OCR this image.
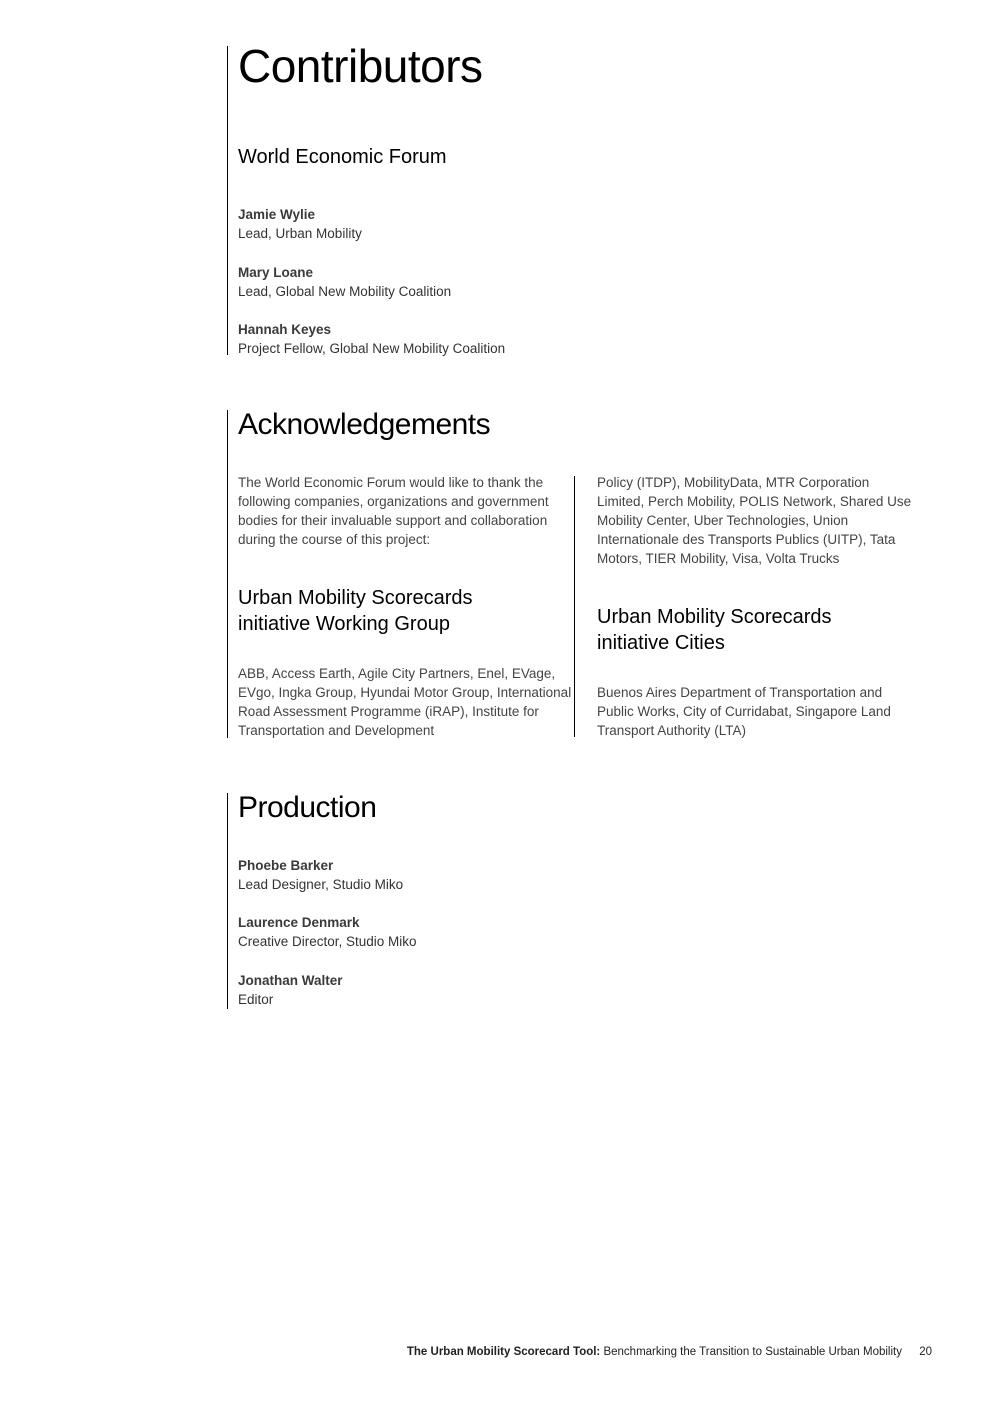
Contributors
World Economic Forum
Jamie Wylie
Lead, Urban Mobility
Mary Loane
Lead, Global New Mobility Coalition
Hannah Keyes
Project Fellow, Global New Mobility Coalition
Acknowledgements

The World Economic Forum would like to thank the following companies, organizations and government bodies for their invaluable support and collaboration during the course of this project:

Urban Mobility Scorecards initiative Working Group

ABB, Access Earth, Agile City Partners, Enel, EVage, EVgo, Ingka Group, Hyundai Motor Group, International Road Assessment Programme (iRAP), Institute for Transportation and Development

Policy (ITDP), MobilityData, MTR Corporation Limited, Perch Mobility, POLIS Network, Shared Use Mobility Center, Uber Technologies, Union Internationale des Transports Publics (UITP), Tata Motors, TIER Mobility, Visa, Volta Trucks

Urban Mobility Scorecards initiative Cities

Buenos Aires Department of Transportation and Public Works, City of Curridabat, Singapore Land Transport Authority (LTA)

Production
Phoebe Barker
Lead Designer, Studio Miko
Laurence Denmark
Creative Director, Studio Miko
Jonathan Walter
Editor
The Urban Mobility Scorecard Tool: Benchmarking the Transition to Sustainable Urban Mobility 20
